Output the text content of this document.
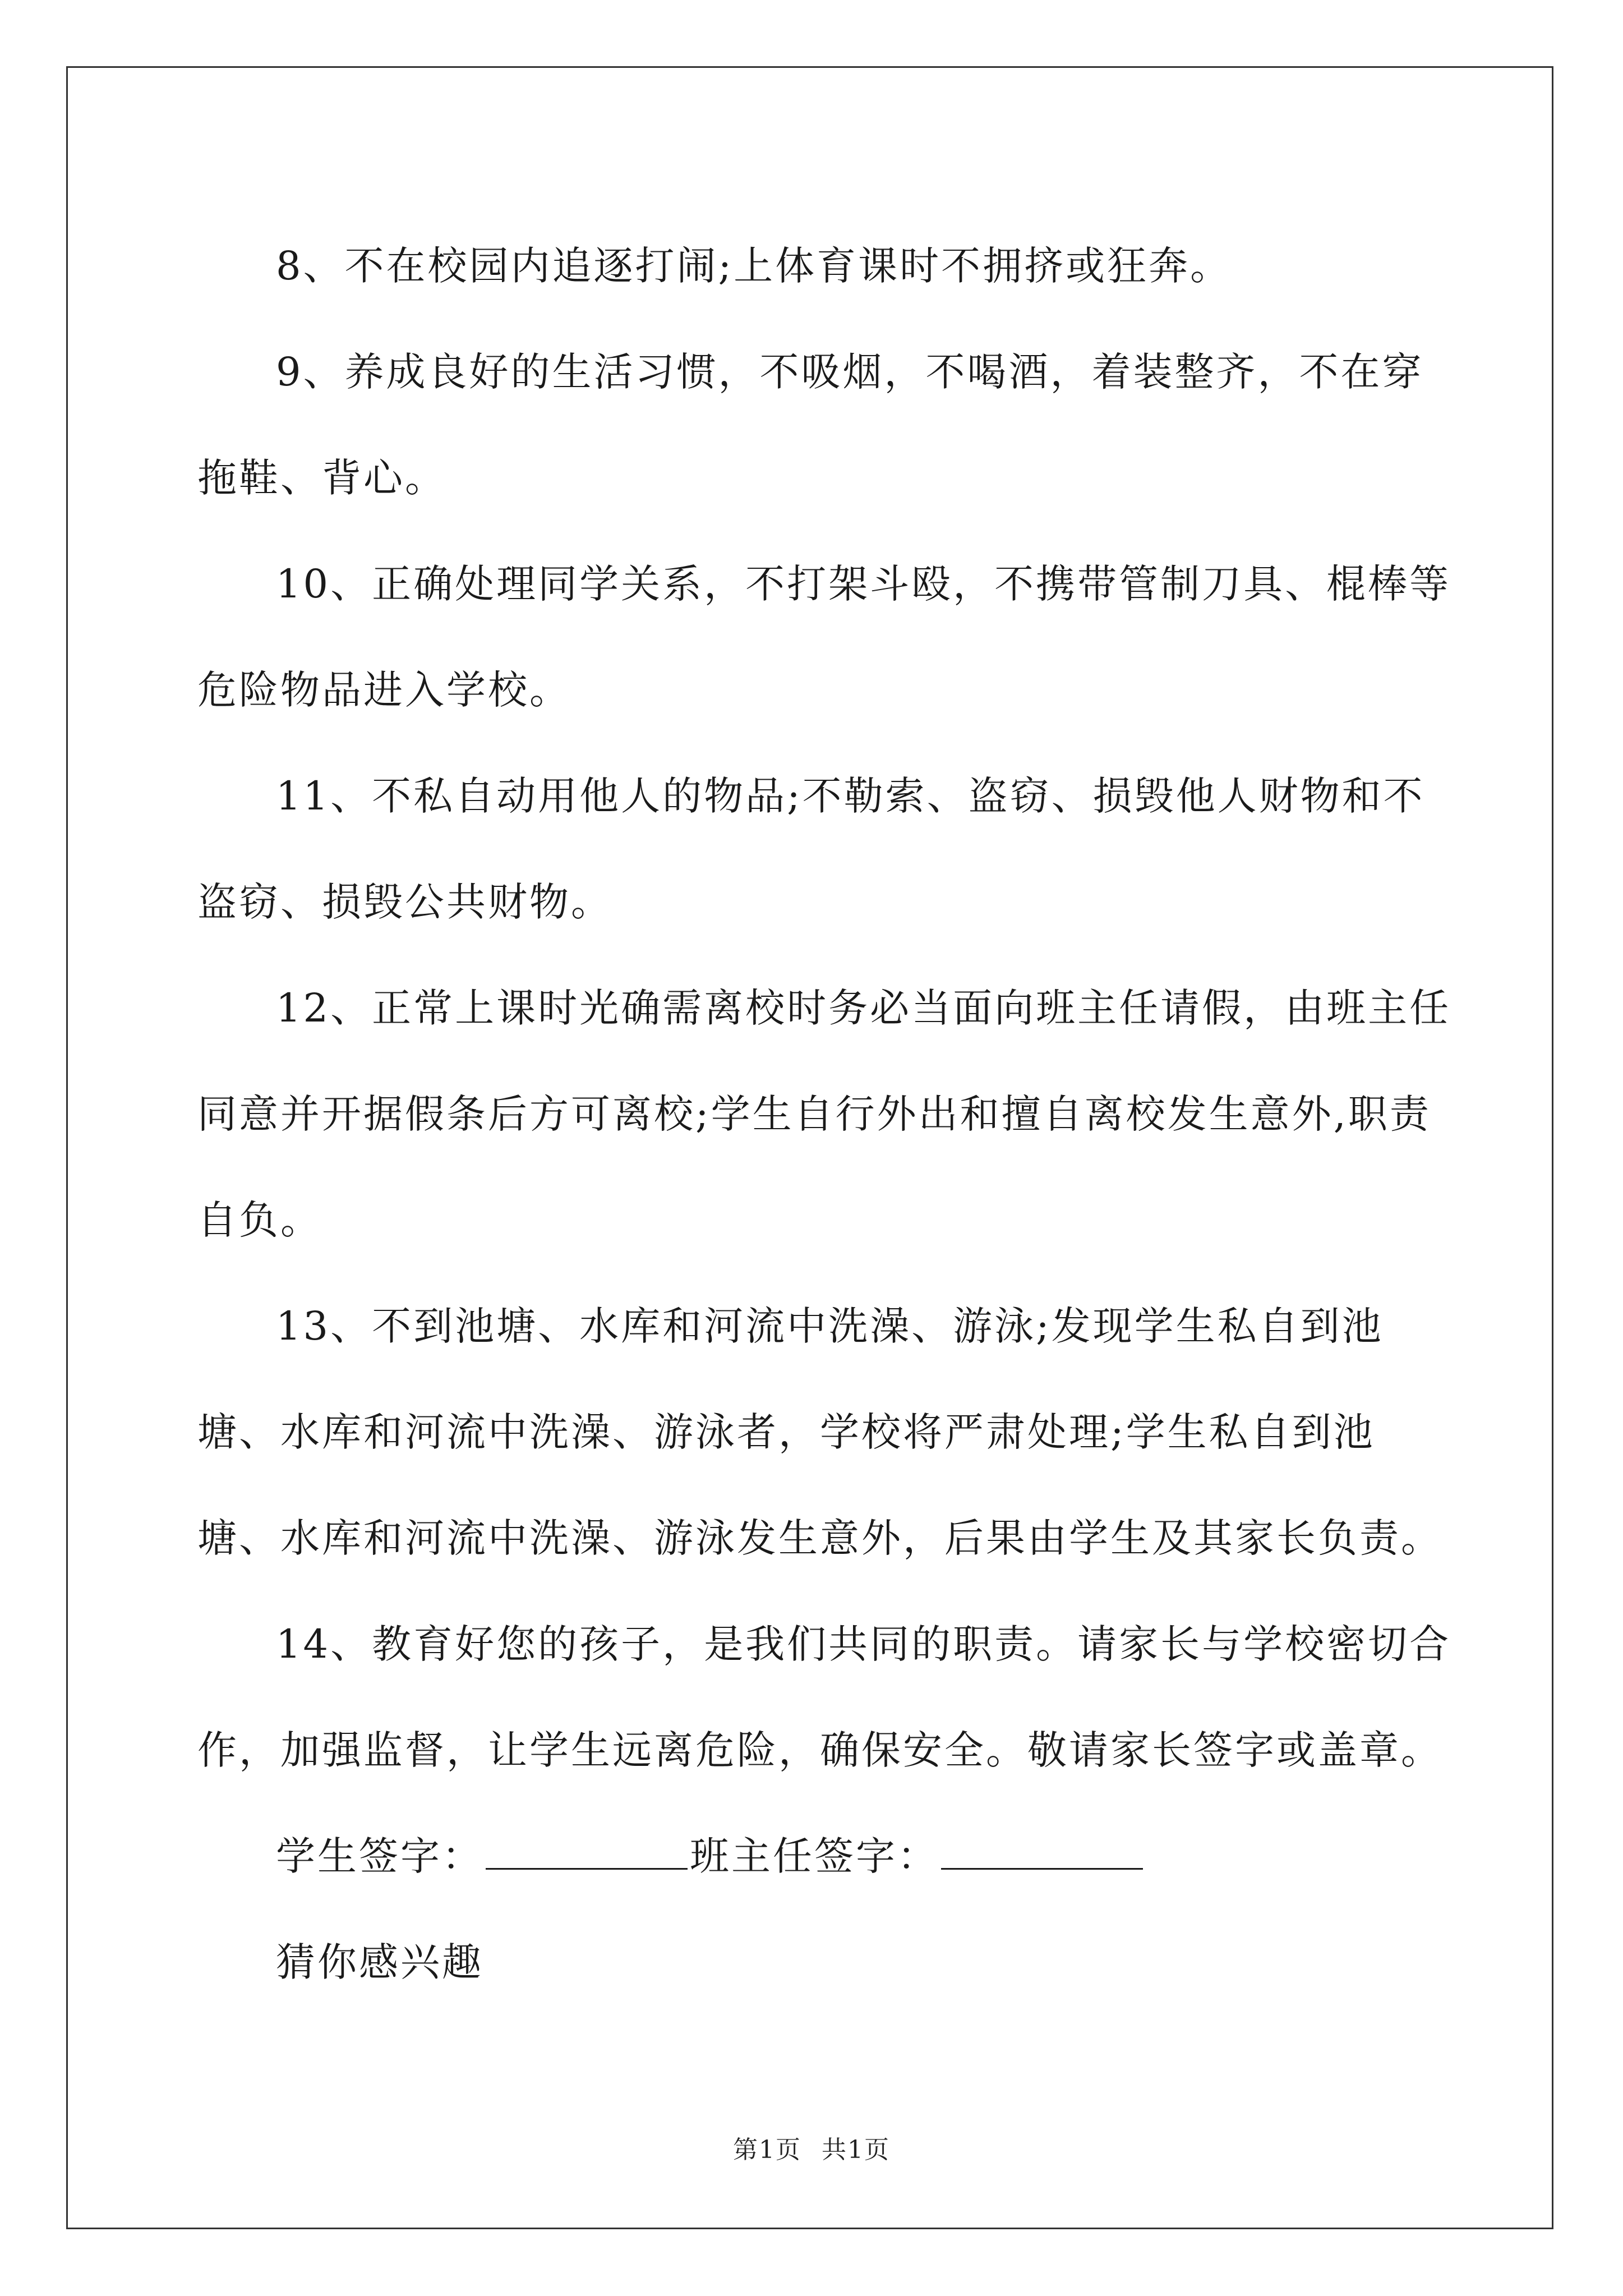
8、不在校园内追逐打闹;上体育课时不拥挤或狂奔。

9、养成良好的生活习惯，不吸烟，不喝酒，着装整齐，不在穿拖鞋、背心。

10、正确处理同学关系，不打架斗殴，不携带管制刀具、棍棒等危险物品进入学校。

11、不私自动用他人的物品;不勒索、盗窃、损毁他人财物和不盗窃、损毁公共财物。

12、正常上课时光确需离校时务必当面向班主任请假，由班主任同意并开据假条后方可离校;学生自行外出和擅自离校发生意外,职责自负。

13、不到池塘、水库和河流中洗澡、游泳;发现学生私自到池塘、水库和河流中洗澡、游泳者，学校将严肃处理;学生私自到池塘、水库和河流中洗澡、游泳发生意外，后果由学生及其家长负责。

14、教育好您的孩子，是我们共同的职责。请家长与学校密切合作，加强监督，让学生远离危险，确保安全。敬请家长签字或盖章。

学生签字：	班主任签字：

猜你感兴趣

第1页 共1页
